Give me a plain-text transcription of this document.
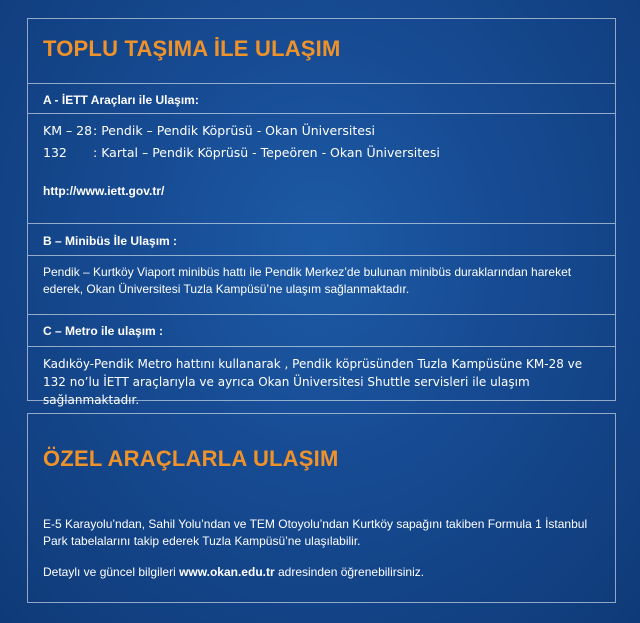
TOPLU TAŞIMA İLE ULAŞIM
A - İETT Araçları ile Ulaşım:
KM – 28: Pendik – Pendik Köprüsü - Okan Üniversitesi
132 : Kartal – Pendik Köprüsü - Tepeören - Okan Üniversitesi
http://www.iett.gov.tr/
B – Minibüs İle Ulaşım :
Pendik – Kurtköy Viaport minibüs hattı ile Pendik Merkez’de bulunan minibüs duraklarından hareket ederek, Okan Üniversitesi Tuzla Kampüsü’ne ulaşım sağlanmaktadır.
C – Metro ile ulaşım :
Kadıköy-Pendik Metro hattını kullanarak , Pendik köprüsünden Tuzla Kampüsüne KM-28 ve 132 no’lu İETT araçlarıyla ve ayrıca Okan Üniversitesi Shuttle servisleri ile ulaşım sağlanmaktadır.
ÖZEL ARAÇLARLA ULAŞIM
E-5 Karayolu’ndan, Sahil Yolu’ndan ve TEM Otoyolu’ndan Kurtköy sapağını takiben Formula 1 İstanbul Park tabelalarını takip ederek Tuzla Kampüsü’ne ulaşılabilir.
Detaylı ve güncel bilgileri www.okan.edu.tr adresinden öğrenebilirsiniz.
